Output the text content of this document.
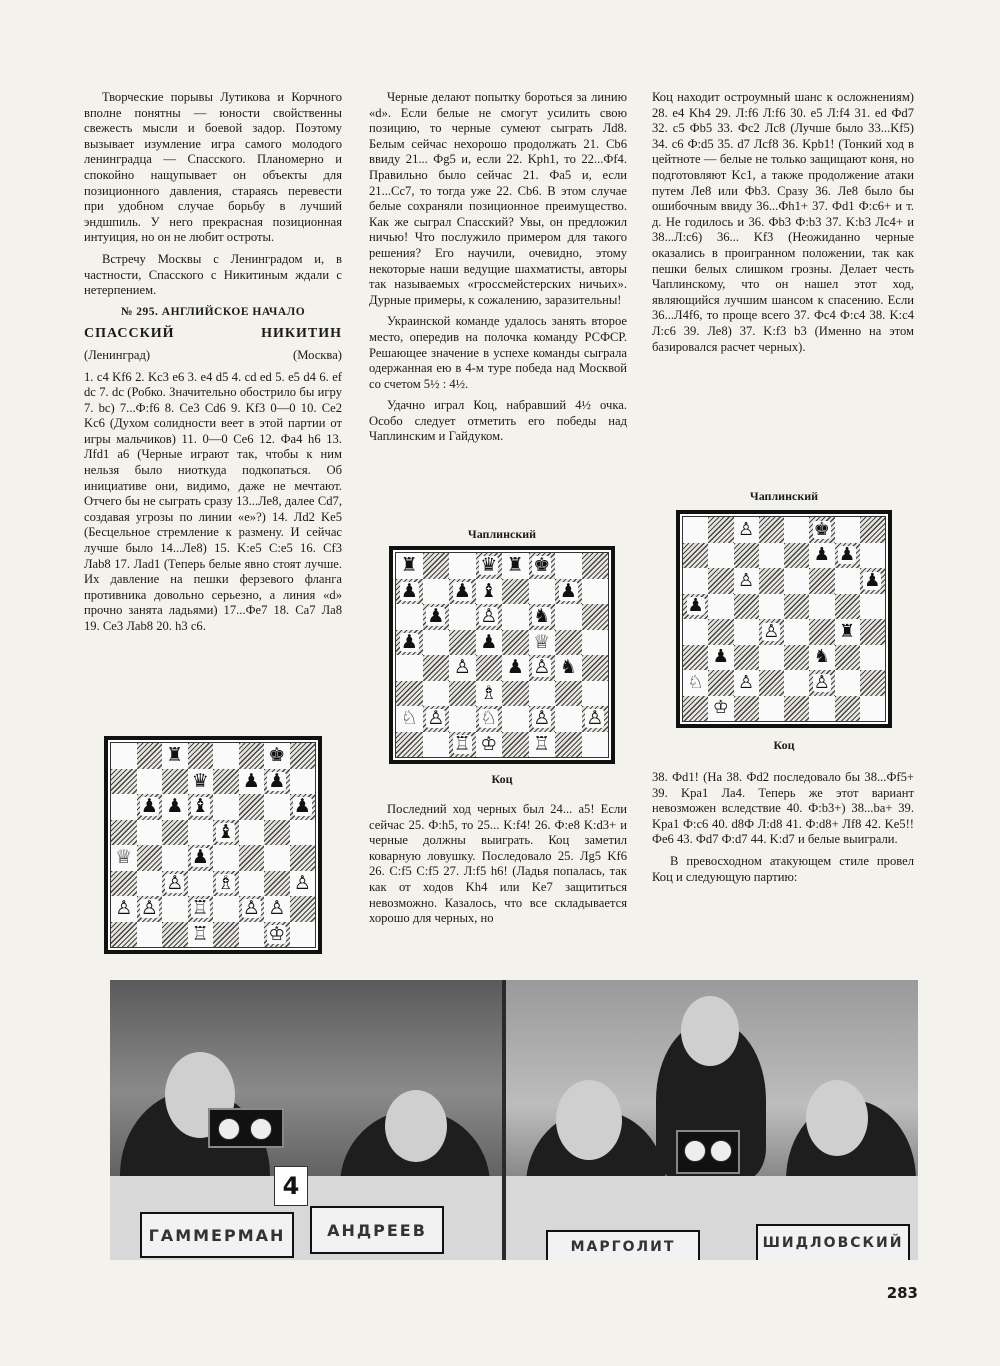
Творческие порывы Лутикова и Корчного вполне понятны — юности свойственны свежесть мысли и боевой задор. Поэтому вызывает изумление игра самого молодого ленинградца — Спасского. Планомерно и спокойно нащупывает он объекты для позиционного давления, стараясь перевести при удобном случае борьбу в лучший эндшпиль. У него прекрасная позиционная интуиция, но он не любит остроты.

Встречу Москвы с Ленинградом и, в частности, Спасского с Никитиным ждали с нетерпением.

№ 295. АНГЛИЙСКОЕ НАЧАЛО

СПАССКИЙ	НИКИТИН
(Ленинград)	(Москва)

1. c4 Kf6 2. Kc3 e6 3. e4 d5 4. cd ed 5. e5 d4 6. ef dc 7. dc (Робко. Значительно обострило бы игру 7. bc) 7...Ф:f6 8. Ce3 Cd6 9. Kf3 0—0 10. Ce2 Kc6 (Духом солидности веет в этой партии от игры мальчиков) 11. 0—0 Ce6 12. Фa4 h6 13. Лfd1 a6 (Черные играют так, чтобы к ним нельзя было ниоткуда подкопаться. Об инициативе они, видимо, даже не мечтают. Отчего бы не сыграть сразу 13...Ле8, далее Cd7, создавая угрозы по линии «е»?) 14. Лd2 Ke5 (Бесцельное стремление к размену. И сейчас лучше было 14...Ле8) 15. K:e5 C:e5 16. Cf3 Лab8 17. Лad1 (Теперь белые явно стоят лучше. Их давление на пешки ферзевого фланга противника довольно серьезно, а линия «d» прочно занята ладьями) 17...Фe7 18. Ca7 Ла8 19. Ce3 Лab8 20. h3 c6.

♜	♚
♛ ♟ ♟
♟ ♟ ♝	♟
♝
♕	♟
♙ ♗	♙
♙ ♙ ♖ ♙ ♙
♖	♔

Черные делают попытку бороться за линию «d». Если белые не смогут усилить свою позицию, то черные сумеют сыграть Лd8. Белым сейчас нехорошо продолжать 21. Cb6 ввиду 21... Фg5 и, если 22. Kph1, то 22...Фf4. Правильно было сейчас 21. Фa5 и, если 21...Cc7, то тогда уже 22. Cb6. В этом случае белые сохраняли позиционное преимущество. Как же сыграл Спасский? Увы, он предложил ничью! Что послужило примером для такого решения? Его научили, очевидно, этому некоторые наши ведущие шахматисты, авторы так называемых «гроссмейстерских ничьих». Дурные примеры, к сожалению, заразительны!

Украинской команде удалось занять второе место, опередив на полочка команду РСФСР. Решающее значение в успехе команды сыграла одержанная ею в 4-м туре победа над Москвой со счетом 5½ : 4½.

Удачно играл Коц, набравший 4½ очка. Особо следует отметить его победы над Чаплинским и Гайдуком.

Чаплинский
♜	♛ ♜ ♚
♟ ♟ ♝	♟
♟ ♙ ♞
♟	♟ ♕
♙ ♟ ♙ ♞
♗
♘ ♙ ♘ ♙ ♙
♖ ♔ ♖
Коц

Последний ход черных был 24... a5! Если сейчас 25. Ф:h5, то 25... K:f4! 26. Ф:e8 K:d3+ и черные должны выиграть. Коц заметил коварную ловушку. Последовало 25. Лg5 Kf6 26. C:f5 C:f5 27. Л:f5 h6! (Ладья попалась, так как от ходов Kh4 или Ke7 защититься невозможно. Казалось, что все складывается хорошо для черных, но

Коц находит остроумный шанс к осложнениям) 28. e4 Kh4 29. Л:f6 Л:f6 30. e5 Л:f4 31. ed Фd7 32. c5 Фb5 33. Фc2 Лc8 (Лучше было 33...Kf5) 34. c6 Ф:d5 35. d7 Лcf8 36. Kpb1! (Тонкий ход в цейтноте — белые не только защищают коня, но подготовляют Kc1, а также продолжение атаки путем Ле8 или Фb3. Сразу 36. Ле8 было бы ошибочным ввиду 36...Фh1+ 37. Фd1 Ф:c6+ и т. д. Не годилось и 36. Фb3 Ф:b3 37. K:b3 Лc4+ и 38...Л:c6) 36... Kf3 (Неожиданно черные оказались в проигранном положении, так как пешки белых слишком грозны. Делает честь Чаплинскому, что он нашел этот ход, являющийся лучшим шансом к спасению. Если 36...Л4f6, то проще всего 37. Фc4 Ф:c4 38. K:c4 Л:c6 39. Ле8) 37. K:f3 b3 (Именно на этом базировался расчет черных).

Чаплинский
♙	♚
♟ ♟
♙	♟
♟
♙	♜
♟	♞
♘ ♙	♙
♔
Коц

38. Фd1! (На 38. Фd2 последовало бы 38...Фf5+ 39. Kpa1 Ла4. Теперь же этот вариант невозможен вследствие 40. Ф:b3+) 38...ba+ 39. Kpa1 Ф:c6 40. d8Ф Л:d8 41. Ф:d8+ Лf8 42. Ke5!! Фe6 43. Фd7 Ф:d7 44. K:d7 и белые выиграли.

В превосходном атакующем стиле провел Коц и следующую партию:

4
ГАММЕРМАН	АНДРЕЕВ
МАРГОЛИТ	ШИДЛОВСКИЙ
283
